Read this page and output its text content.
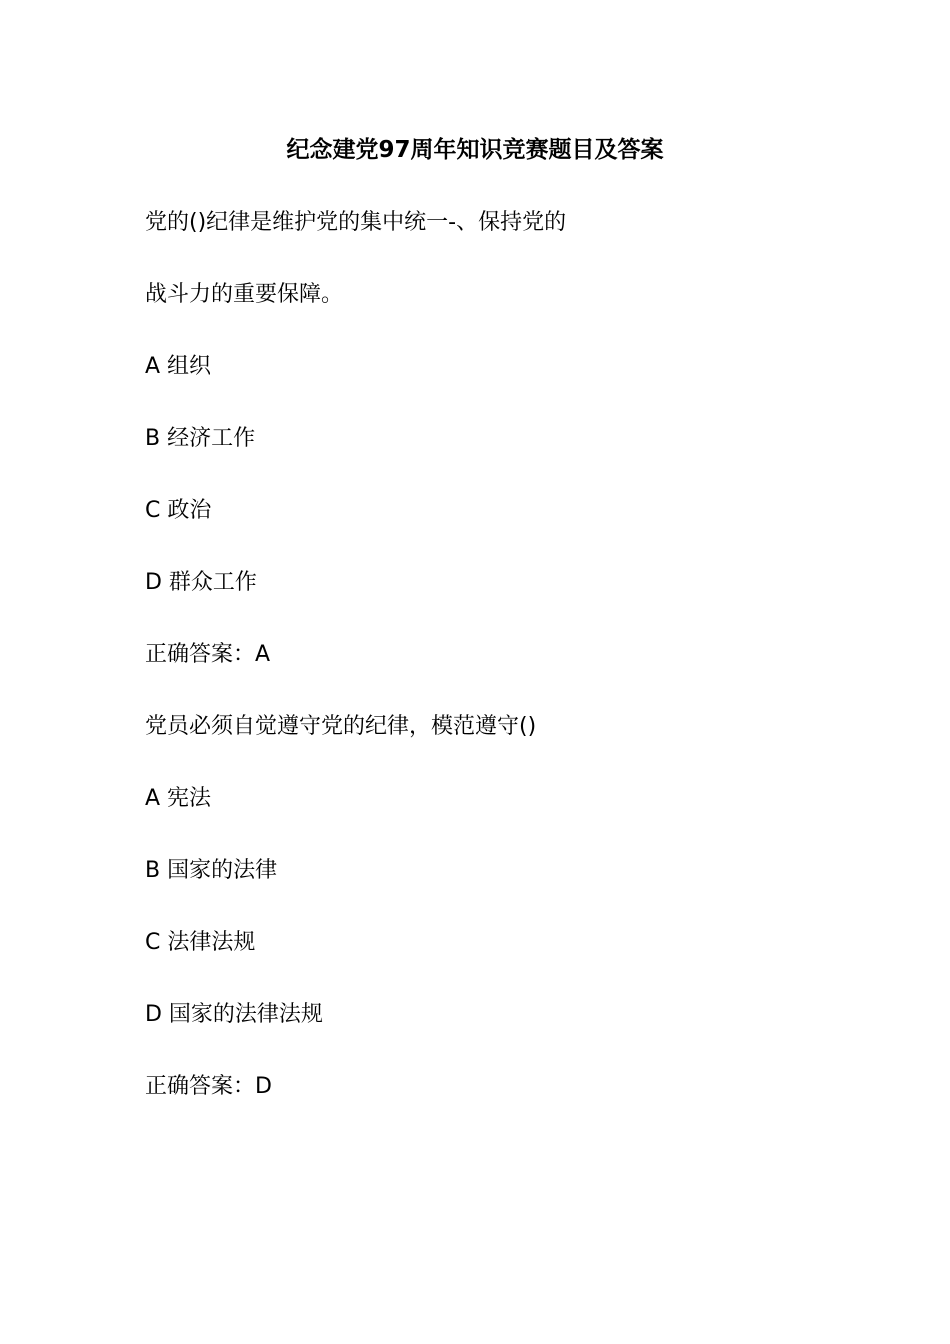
纪念建党97周年知识竞赛题目及答案
党的()纪律是维护党的集中统一-、保持党的
战斗力的重要保障。
A 组织
B 经济工作
C 政治
D 群众工作
正确答案：A
党员必须自觉遵守党的纪律，模范遵守()
A 宪法
B 国家的法律
C 法律法规
D 国家的法律法规
正确答案：D
